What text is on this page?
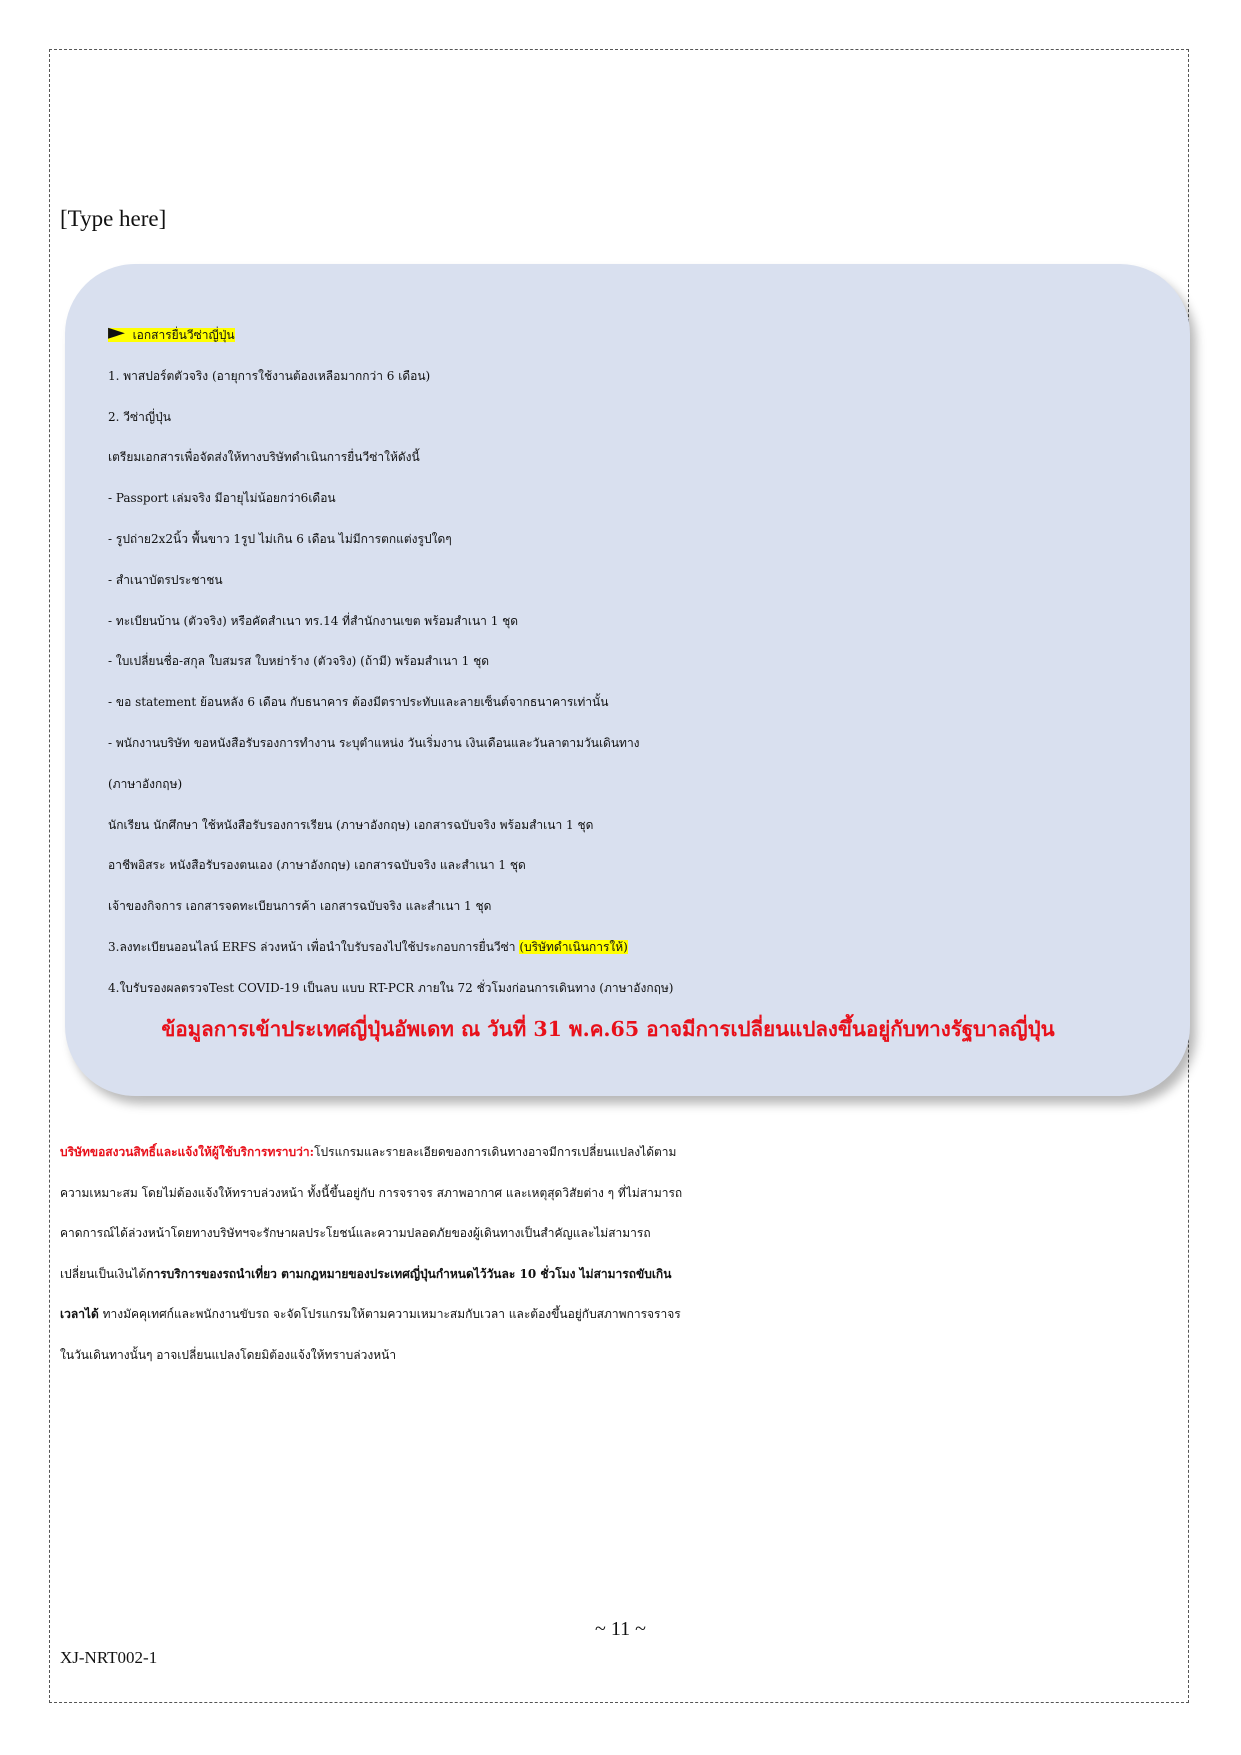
[Type here]
► เอกสารยื่นวีซ่าญี่ปุ่น
1. พาสปอร์ตตัวจริง (อายุการใช้งานต้องเหลือมากกว่า 6 เดือน)
2. วีซ่าญี่ปุ่น
เตรียมเอกสารเพื่อจัดส่งให้ทางบริษัทดำเนินการยื่นวีซ่าให้ดังนี้
- Passport เล่มจริง มีอายุไม่น้อยกว่า6เดือน
- รูปถ่าย2x2นิ้ว พื้นขาว 1รูป ไม่เกิน 6 เดือน ไม่มีการตกแต่งรูปใดๆ
- สำเนาบัตรประชาชน
- ทะเบียนบ้าน (ตัวจริง) หรือคัดสำเนา ทร.14 ที่สำนักงานเขต พร้อมสำเนา 1 ชุด
- ใบเปลี่ยนชื่อ-สกุล ใบสมรส ใบหย่าร้าง (ตัวจริง) (ถ้ามี) พร้อมสำเนา 1 ชุด
- ขอ statement ย้อนหลัง 6 เดือน กับธนาคาร ต้องมีตราประทับและลายเซ็นต์จากธนาคารเท่านั้น
- พนักงานบริษัท ขอหนังสือรับรองการทำงาน ระบุตำแหน่ง วันเริ่มงาน เงินเดือนและวันลาตามวันเดินทาง
(ภาษาอังกฤษ)
นักเรียน นักศึกษา ใช้หนังสือรับรองการเรียน (ภาษาอังกฤษ) เอกสารฉบับจริง พร้อมสำเนา 1 ชุด
อาชีพอิสระ หนังสือรับรองตนเอง (ภาษาอังกฤษ) เอกสารฉบับจริง และสำเนา 1 ชุด
เจ้าของกิจการ เอกสารจดทะเบียนการค้า เอกสารฉบับจริง และสำเนา 1 ชุด
3.ลงทะเบียนออนไลน์ ERFS ล่วงหน้า เพื่อนำใบรับรองไปใช้ประกอบการยื่นวีซ่า (บริษัทดำเนินการให้)
4.ใบรับรองผลตรวจTest COVID-19 เป็นลบ แบบ RT-PCR ภายใน 72 ชั่วโมงก่อนการเดินทาง (ภาษาอังกฤษ)
ข้อมูลการเข้าประเทศญี่ปุ่นอัพเดท ณ วันที่ 31 พ.ค.65 อาจมีการเปลี่ยนแปลงขึ้นอยู่กับทางรัฐบาลญี่ปุ่น
บริษัทขอสงวนสิทธิ์และแจ้งให้ผู้ใช้บริการทราบว่า:โปรแกรมและรายละเอียดของการเดินทางอาจมีการเปลี่ยนแปลงได้ตาม
ความเหมาะสม โดยไม่ต้องแจ้งให้ทราบล่วงหน้า ทั้งนี้ขึ้นอยู่กับ การจราจร สภาพอากาศ และเหตุสุดวิสัยต่าง ๆ ที่ไม่สามารถ
คาดการณ์ได้ล่วงหน้าโดยทางบริษัทฯจะรักษาผลประโยชน์และความปลอดภัยของผู้เดินทางเป็นสำคัญและไม่สามารถ
เปลี่ยนเป็นเงินได้การบริการของรถนำเที่ยว ตามกฎหมายของประเทศญี่ปุ่นกำหนดไว้วันละ 10 ชั่วโมง ไม่สามารถขับเกิน
เวลาได้ ทางมัคคุเทศก์และพนักงานขับรถ จะจัดโปรแกรมให้ตามความเหมาะสมกับเวลา และต้องขึ้นอยู่กับสภาพการจราจร
ในวันเดินทางนั้นๆ อาจเปลี่ยนแปลงโดยมิต้องแจ้งให้ทราบล่วงหน้า
~ 11 ~
XJ-NRT002-1
